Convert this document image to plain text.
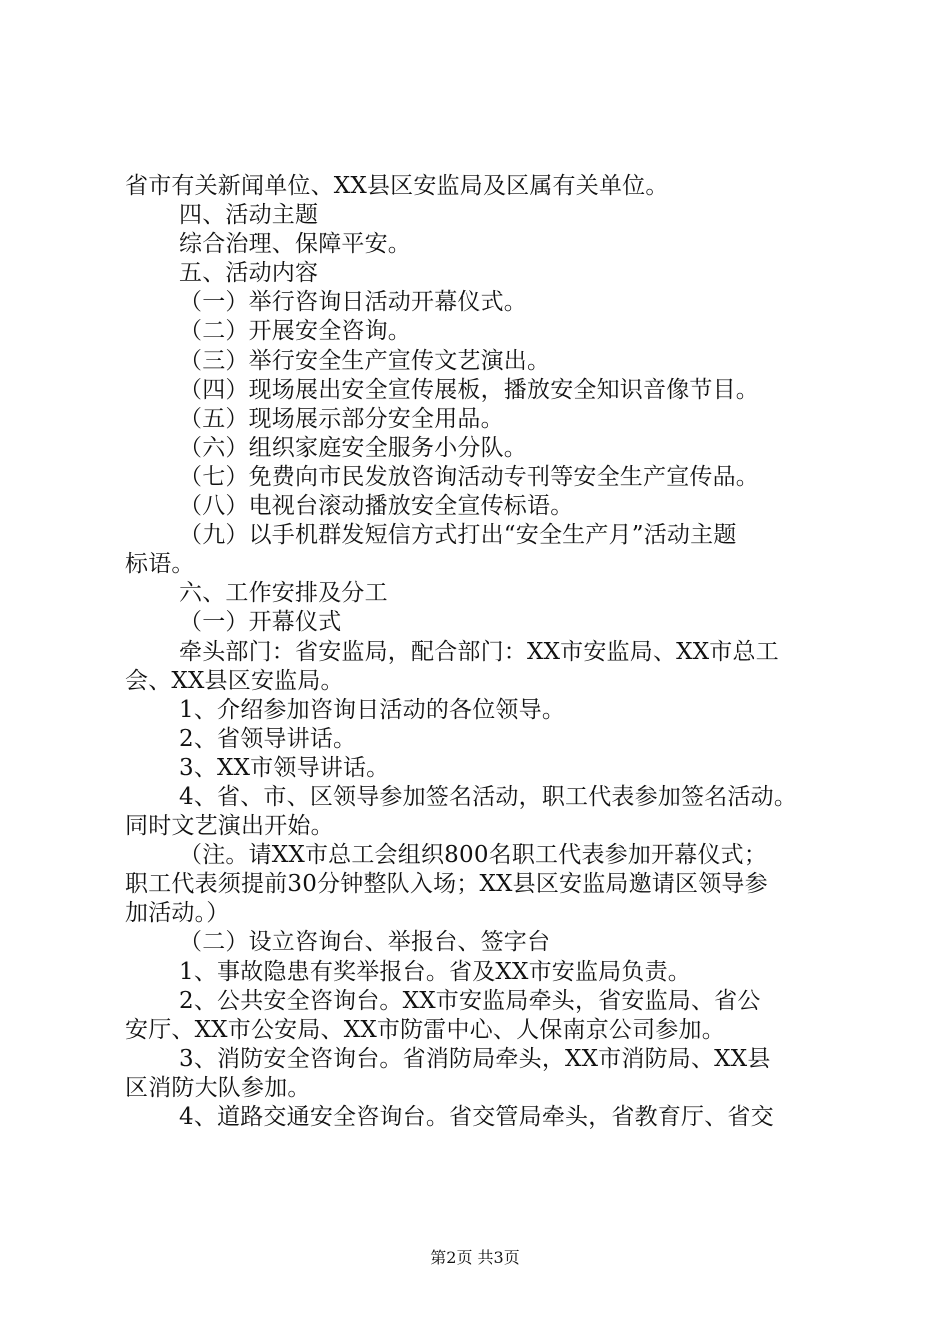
省市有关新闻单位、XX县区安监局及区属有关单位。
四、活动主题
综合治理、保障平安。
五、活动内容
（一）举行咨询日活动开幕仪式。
（二）开展安全咨询。
（三）举行安全生产宣传文艺演出。
（四）现场展出安全宣传展板，播放安全知识音像节目。
（五）现场展示部分安全用品。
（六）组织家庭安全服务小分队。
（七）免费向市民发放咨询活动专刊等安全生产宣传品。
（八）电视台滚动播放安全宣传标语。
（九）以手机群发短信方式打出“安全生产月”活动主题
标语。
六、工作安排及分工
（一）开幕仪式
牵头部门：省安监局，配合部门：XX市安监局、XX市总工
会、XX县区安监局。
1、介绍参加咨询日活动的各位领导。
2、省领导讲话。
3、XX市领导讲话。
4、省、市、区领导参加签名活动，职工代表参加签名活动。
同时文艺演出开始。
（注。请XX市总工会组织800名职工代表参加开幕仪式；
职工代表须提前30分钟整队入场；XX县区安监局邀请区领导参
加活动。）
（二）设立咨询台、举报台、签字台
1、事故隐患有奖举报台。省及XX市安监局负责。
2、公共安全咨询台。XX市安监局牵头，省安监局、省公
安厅、XX市公安局、XX市防雷中心、人保南京公司参加。
3、消防安全咨询台。省消防局牵头，XX市消防局、XX县
区消防大队参加。
4、道路交通安全咨询台。省交管局牵头，省教育厅、省交
第2页 共3页
